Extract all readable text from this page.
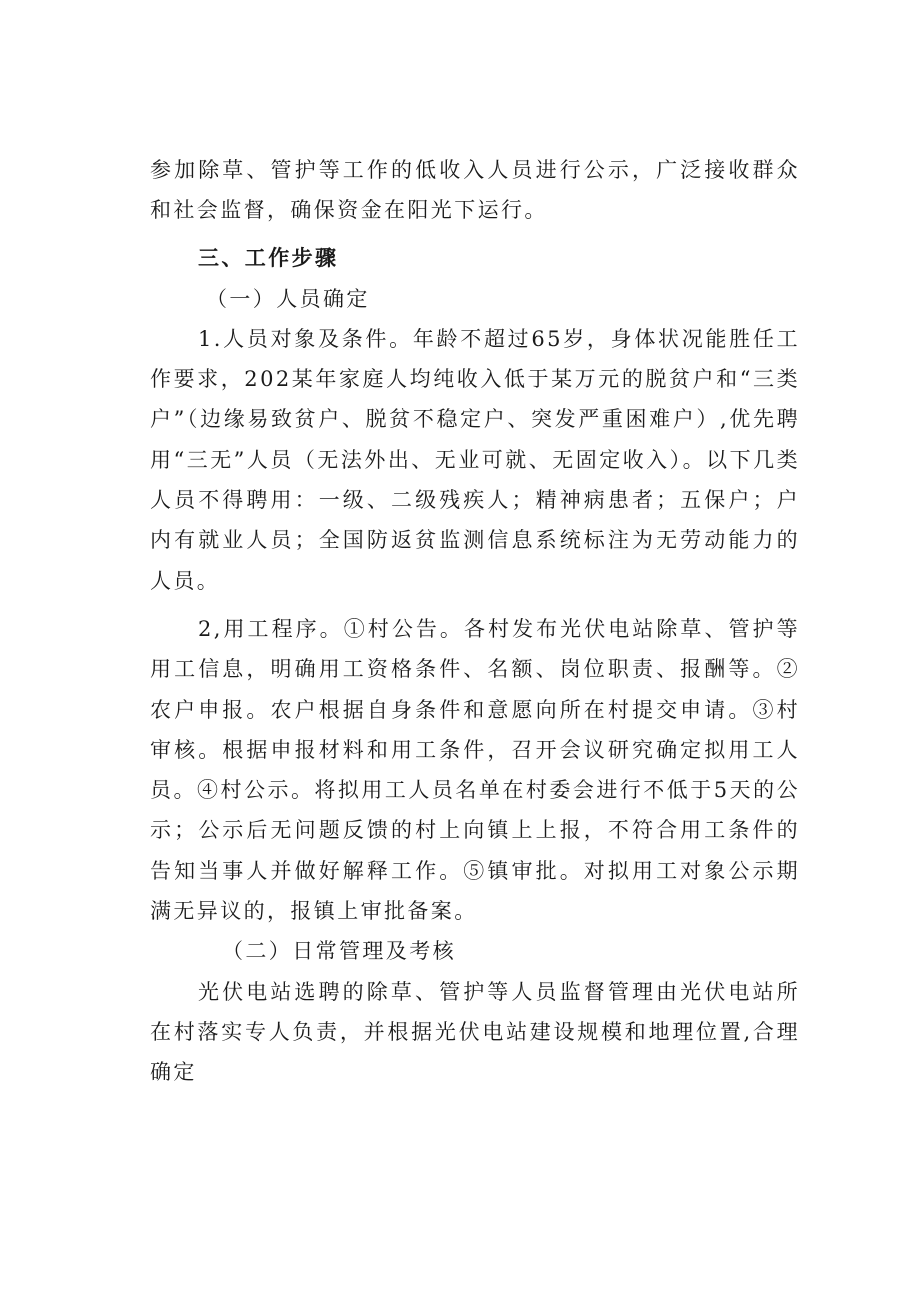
参加除草、管护等工作的低收入人员进行公示，广泛接收群众和社会监督，确保资金在阳光下运行。

三、工作步骤

（一）人员确定

1.人员对象及条件。年龄不超过65岁，身体状况能胜任工作要求，202某年家庭人均纯收入低于某万元的脱贫户和“三类户”（边缘易致贫户、脱贫不稳定户、突发严重困难户）,优先聘用“三无”人员（无法外出、无业可就、无固定收入）。以下几类人员不得聘用：一级、二级残疾人；精神病患者；五保户；户内有就业人员；全国防返贫监测信息系统标注为无劳动能力的人员。

2,用工程序。①村公告。各村发布光伏电站除草、管护等用工信息，明确用工资格条件、名额、岗位职责、报酬等。②农户申报。农户根据自身条件和意愿向所在村提交申请。③村审核。根据申报材料和用工条件，召开会议研究确定拟用工人员。④村公示。将拟用工人员名单在村委会进行不低于5天的公示；公示后无问题反馈的村上向镇上上报，不符合用工条件的告知当事人并做好解释工作。⑤镇审批。对拟用工对象公示期满无异议的，报镇上审批备案。

（二）日常管理及考核

光伏电站选聘的除草、管护等人员监督管理由光伏电站所在村落实专人负责，并根据光伏电站建设规模和地理位置,合理确定
